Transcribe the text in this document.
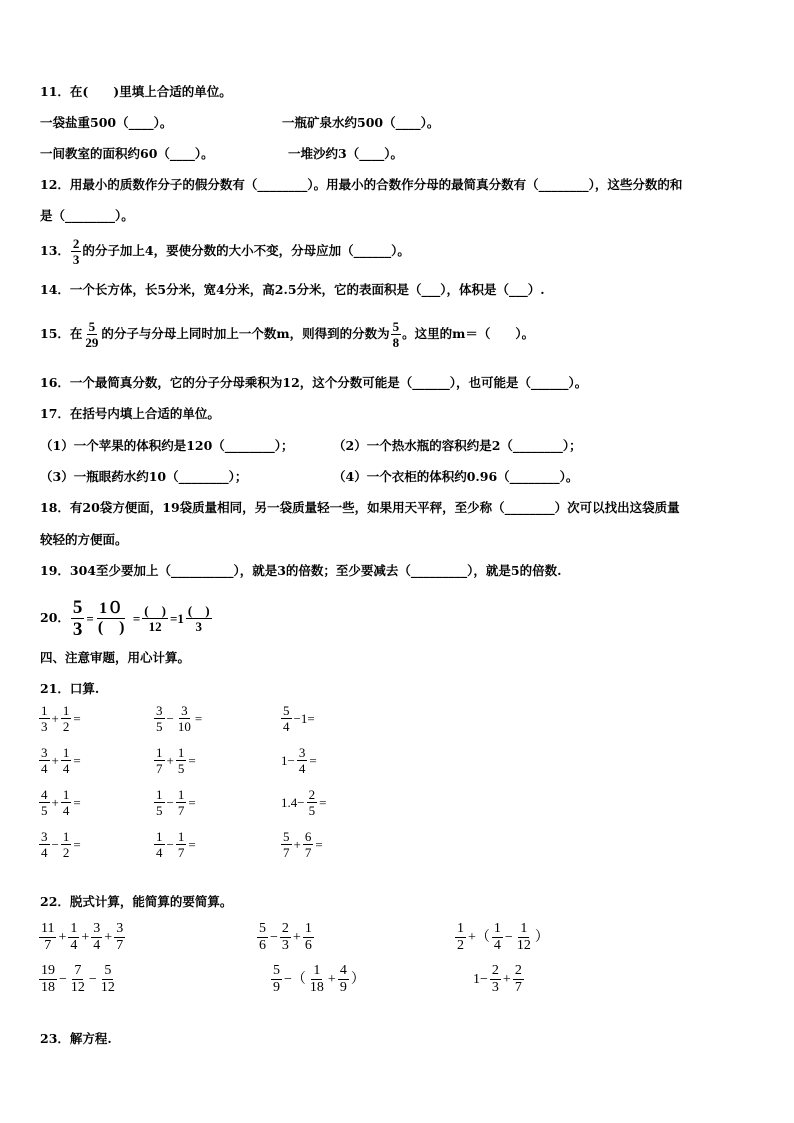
11．在(　　)里填上合适的单位。
一袋盐重500（____）。	一瓶矿泉水约500（____）。
一间教室的面积约60（____）。	一堆沙约3（____）。
12．用最小的质数作分子的假分数有（________）。用最小的合数作分母的最简真分数有（________），这些分数的和
是（________）。
13． $\frac{2}{3}$ 的分子加上4，要使分数的大小不变，分母应加（______）。
14．一个长方体，长5分米，宽4分米，高2.5分米，它的表面积是（___），体积是（___）.
15．在 $\frac{5}{29}$ 的分子与分母上同时加上一个数m，则得到的分数为 $\frac{5}{8}$ 。这里的m＝（　　）。
16．一个最简真分数，它的分子分母乘积为12，这个分数可能是（______），也可能是（______）。
17．在括号内填上合适的单位。
（1）一个苹果的体积约是120（________）；	（2）一个热水瓶的容积约是2（________）；
（3）一瓶眼药水约10（________）；	（4）一个衣柜的体积约0.96（________）。
18．有20袋方便面，19袋质量相同，另一袋质量轻一些，如果用天平秤，至少称（________）次可以找出这袋质量
较轻的方便面。
19．304至少要加上（__________），就是3的倍数；至少要减去（_________），就是5的倍数.
20． $\frac{5}{3}$ =
1０
(　)
= (　)
12
=1 (　)
3
四、注意审题，用心计算。
21．口算.
$\frac{1}{3} + \frac{1}{2}$ =	$\frac{3}{5} - \frac{3}{10}$ =	$\frac{5}{4} -1=$
$\frac{3}{4} + \frac{1}{4}$ =	$\frac{1}{7} + \frac{1}{5}$ =	$1- \frac{3}{4}$ =
$\frac{4}{5} + \frac{1}{4}$ =	$\frac{1}{5} - \frac{1}{7}$ =	$1.4- \frac{2}{5}$ =
$\frac{3}{4} - \frac{1}{2}$ =	$\frac{1}{4} - \frac{1}{7}$ =	$\frac{5}{7} + \frac{6}{7}$ =
22．脱式计算，能简算的要简算。
$\frac{11}{7} + \frac{1}{4} + \frac{3}{4} + \frac{3}{7}$	$\frac{5}{6} - \frac{2}{3} + \frac{1}{6}$	$\frac{1}{2}$ +（ $\frac{1}{4} - \frac{1}{12}$ ）
$\frac{19}{18} - \frac{7}{12} - \frac{5}{12}$	$\frac{5}{9}$ −（ $\frac{1}{18} + \frac{4}{9}$ ）	$1- \frac{2}{3} + \frac{2}{7}$
23．解方程.
